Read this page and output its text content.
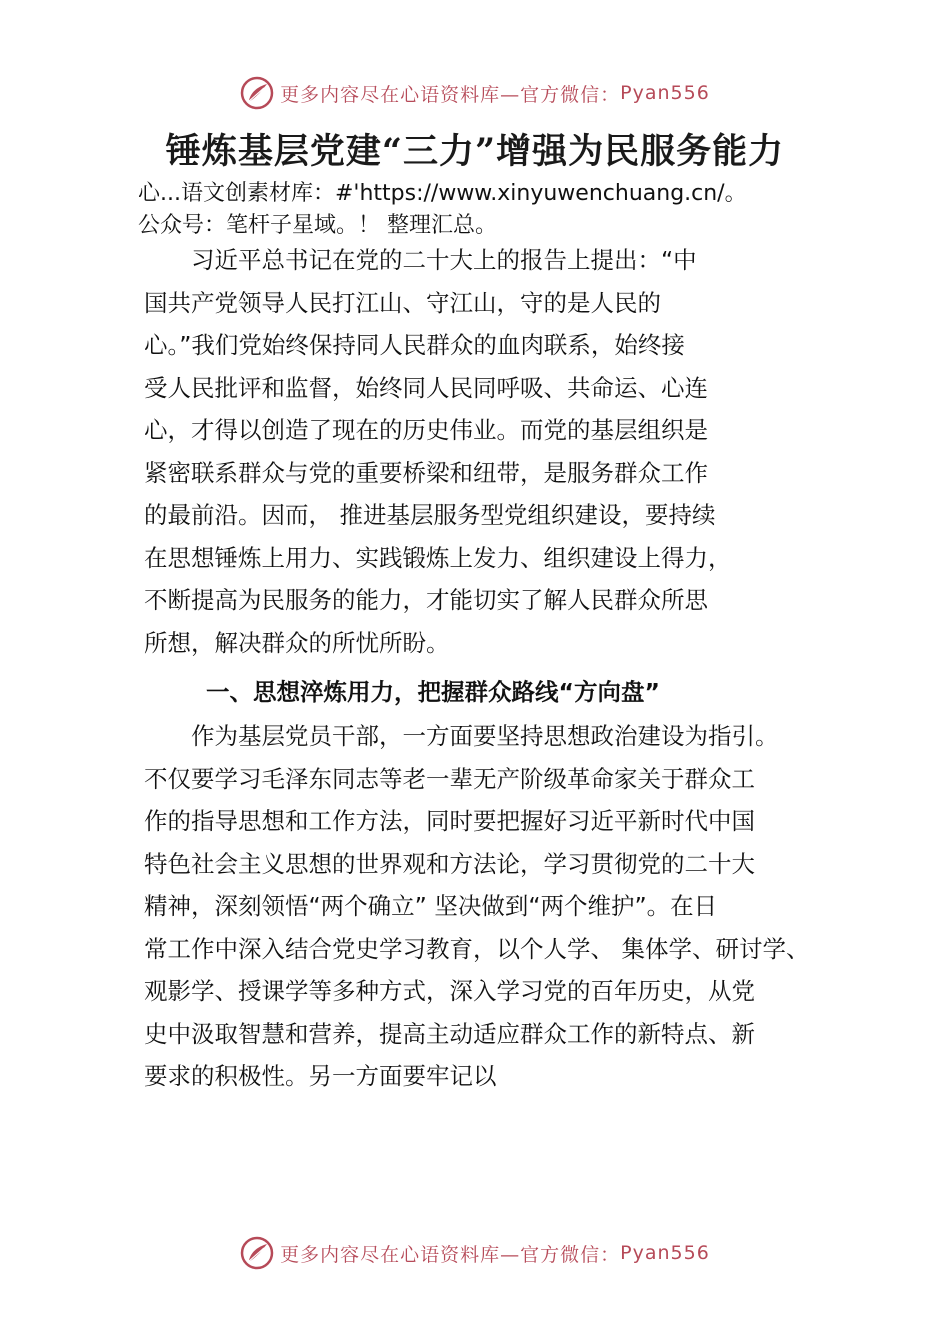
更多内容尽在心语资料库—官方微信： Pyan556
锤炼基层党建“三力”增强为民服务能力
心...语文创素材库：#'https://www.xinyuwenchuang.cn/。
公众号：笔杆子星域。！ 整理汇总。
　　习近平总书记在党的二十大上的报告上提出：“中
国共产党领导人民打江山、守江山，守的是人民的
心。”我们党始终保持同人民群众的血肉联系，始终接
受人民批评和监督，始终同人民同呼吸、共命运、心连
心，才得以创造了现在的历史伟业。而党的基层组织是
紧密联系群众与党的重要桥梁和纽带，是服务群众工作
的最前沿。因而， 推进基层服务型党组织建设，要持续
在思想锤炼上用力、实践锻炼上发力、组织建设上得力，
不断提高为民服务的能力，才能切实了解人民群众所思
所想，解决群众的所忧所盼。
一、思想淬炼用力，把握群众路线“方向盘”
　　作为基层党员干部，一方面要坚持思想政治建设为指引。
不仅要学习毛泽东同志等老一辈无产阶级革命家关于群众工
作的指导思想和工作方法，同时要把握好习近平新时代中国
特色社会主义思想的世界观和方法论，学习贯彻党的二十大
精神，深刻领悟“两个确立” 坚决做到“两个维护”。在日
常工作中深入结合党史学习教育，以个人学、 集体学、研讨学、
观影学、授课学等多种方式，深入学习党的百年历史，从党
史中汲取智慧和营养，提高主动适应群众工作的新特点、新
要求的积极性。另一方面要牢记以
更多内容尽在心语资料库—官方微信： Pyan556
